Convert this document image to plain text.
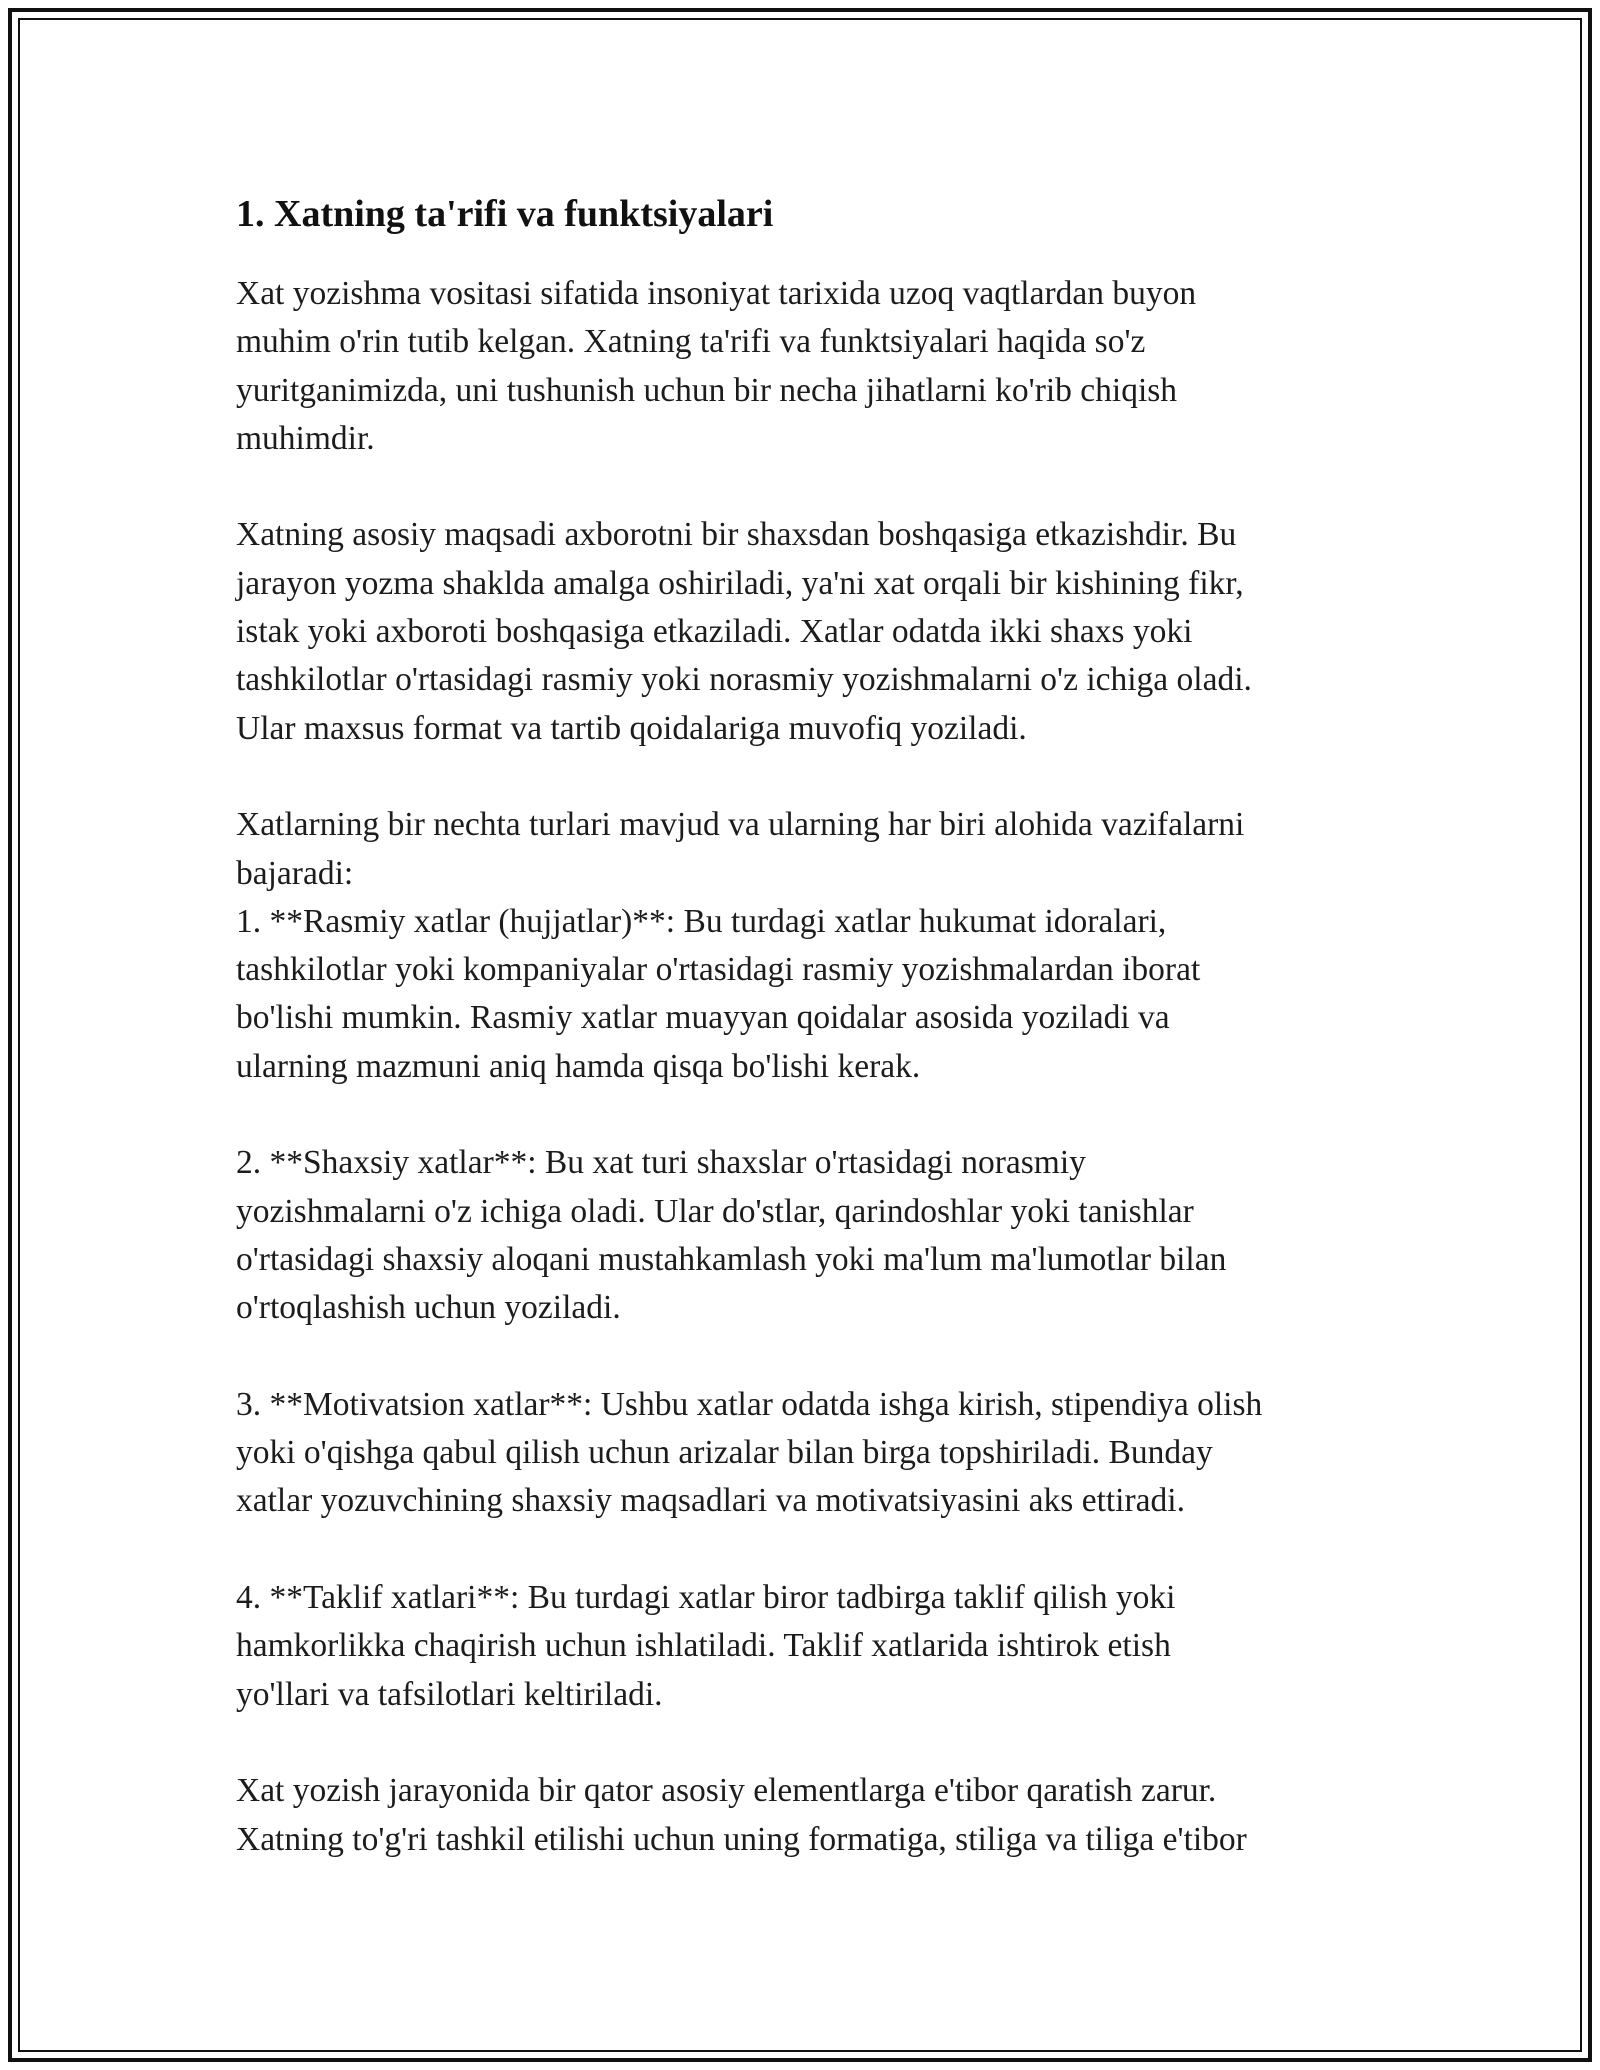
1. Xatning ta'rifi va funktsiyalari

Xat yozishma vositasi sifatida insoniyat tarixida uzoq vaqtlardan buyon
muhim o'rin tutib kelgan. Xatning ta'rifi va funktsiyalari haqida so'z
yuritganimizda, uni tushunish uchun bir necha jihatlarni ko'rib chiqish
muhimdir.

Xatning asosiy maqsadi axborotni bir shaxsdan boshqasiga etkazishdir. Bu
jarayon yozma shaklda amalga oshiriladi, ya'ni xat orqali bir kishining fikr,
istak yoki axboroti boshqasiga etkaziladi. Xatlar odatda ikki shaxs yoki
tashkilotlar o'rtasidagi rasmiy yoki norasmiy yozishmalarni o'z ichiga oladi.
Ular maxsus format va tartib qoidalariga muvofiq yoziladi.

Xatlarning bir nechta turlari mavjud va ularning har biri alohida vazifalarni
bajaradi:
1. **Rasmiy xatlar (hujjatlar)**: Bu turdagi xatlar hukumat idoralari,
tashkilotlar yoki kompaniyalar o'rtasidagi rasmiy yozishmalardan iborat
bo'lishi mumkin. Rasmiy xatlar muayyan qoidalar asosida yoziladi va
ularning mazmuni aniq hamda qisqa bo'lishi kerak.

2. **Shaxsiy xatlar**: Bu xat turi shaxslar o'rtasidagi norasmiy
yozishmalarni o'z ichiga oladi. Ular do'stlar, qarindoshlar yoki tanishlar
o'rtasidagi shaxsiy aloqani mustahkamlash yoki ma'lum ma'lumotlar bilan
o'rtoqlashish uchun yoziladi.

3. **Motivatsion xatlar**: Ushbu xatlar odatda ishga kirish, stipendiya olish
yoki o'qishga qabul qilish uchun arizalar bilan birga topshiriladi. Bunday
xatlar yozuvchining shaxsiy maqsadlari va motivatsiyasini aks ettiradi.

4. **Taklif xatlari**: Bu turdagi xatlar biror tadbirga taklif qilish yoki
hamkorlikka chaqirish uchun ishlatiladi. Taklif xatlarida ishtirok etish
yo'llari va tafsilotlari keltiriladi.

Xat yozish jarayonida bir qator asosiy elementlarga e'tibor qaratish zarur.
Xatning to'g'ri tashkil etilishi uchun uning formatiga, stiliga va tiliga e'tibor
